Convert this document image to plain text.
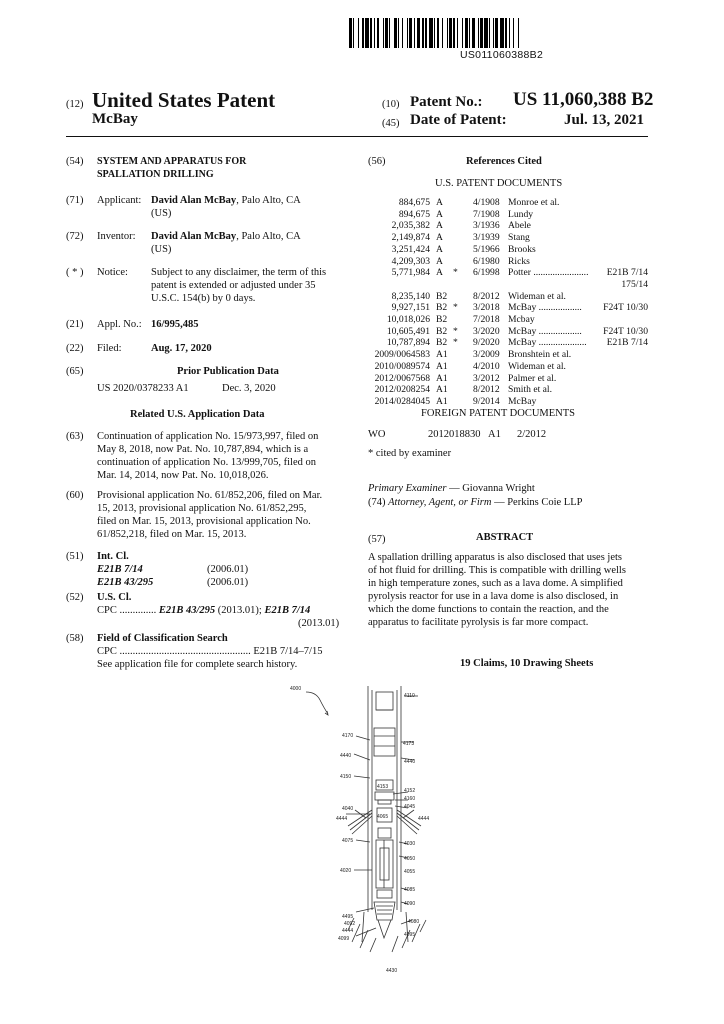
US011060388B2
(12) United States Patent
McBay
(10) Patent No.: US 11,060,388 B2
(45) Date of Patent:	Jul. 13, 2021
(54) SYSTEM AND APPARATUS FOR
SPALLATION DRILLING
(71) Applicant: David Alan McBay, Palo Alto, CA
(US)
(72) Inventor: David Alan McBay, Palo Alto, CA
(US)
( * ) Notice: Subject to any disclaimer, the term of this
patent is extended or adjusted under 35
U.S.C. 154(b) by 0 days.
(21) Appl. No.: 16/995,485
(22) Filed:	Aug. 17, 2020
(65)	Prior Publication Data
US 2020/0378233 A1	Dec. 3, 2020
Related U.S. Application Data
(63) Continuation of application No. 15/973,997, filed on
May 8, 2018, now Pat. No. 10,787,894, which is a
continuation of application No. 13/999,705, filed on
Mar. 14, 2014, now Pat. No. 10,018,026.
(60) Provisional application No. 61/852,206, filed on Mar.
15, 2013, provisional application No. 61/852,295,
filed on Mar. 15, 2013, provisional application No.
61/852,218, filed on Mar. 15, 2013.
(51) Int. Cl.
E21B 7/14	(2006.01)
E21B 43/295	(2006.01)
(52) U.S. Cl.
CPC .............. E21B 43/295 (2013.01); E21B 7/14
(2013.01)
(58) Field of Classification Search
CPC .................................................. E21B 7/14–7/15
See application file for complete search history.
(56)	References Cited
U.S. PATENT DOCUMENTS
884,675 A	4/1908 Monroe et al.
894,675 A	7/1908 Lundy
2,035,382 A	3/1936 Abele
2,149,874 A	3/1939 Stang
3,251,424 A	5/1966 Brooks
4,209,303 A	6/1980 Ricks
5,771,984 A	*	6/1998 Potter .......................	E21B 7/14
175/14
8,235,140 B2	8/2012 Wideman et al.
9,927,151 B2 *	3/2018 McBay ..................	F24T 10/30
10,018,026 B2	7/2018 Mcbay
10,605,491 B2 *	3/2020 McBay ..................	F24T 10/30
10,787,894 B2 *	9/2020 McBay ....................	E21B 7/14
2009/0064583 A1	3/2009 Bronshtein et al.
2010/0089574 A1	4/2010 Wideman et al.
2012/0067568 A1	3/2012 Palmer et al.
2012/0208254 A1	8/2012 Smith et al.
2014/0284045 A1	9/2014 McBay
FOREIGN PATENT DOCUMENTS
WO	2012018830 A1 2/2012
* cited by examiner
Primary Examiner — Giovanna Wright
(74) Attorney, Agent, or Firm — Perkins Coie LLP
(57)	ABSTRACT
A spallation drilling apparatus is also disclosed that uses jets
of hot fluid for drilling. This is compatible with drilling wells
in high temperature zones, such as a lava dome. A simplified
pyrolysis reactor for use in a lava dome is also disclosed, in
which the dome functions to contain the reaction, and the
apparatus to facilitate pyrolysis is far more compact.
19 Claims, 10 Drawing Sheets
4000
4110
4170
4173
4440
4440
4150
4153
4152
4160
4045
4040
4065
4444	4444
4075	4030
4050
4055
4020
4085
4090
4495
4092
4444
4099
4080
4095
4430
